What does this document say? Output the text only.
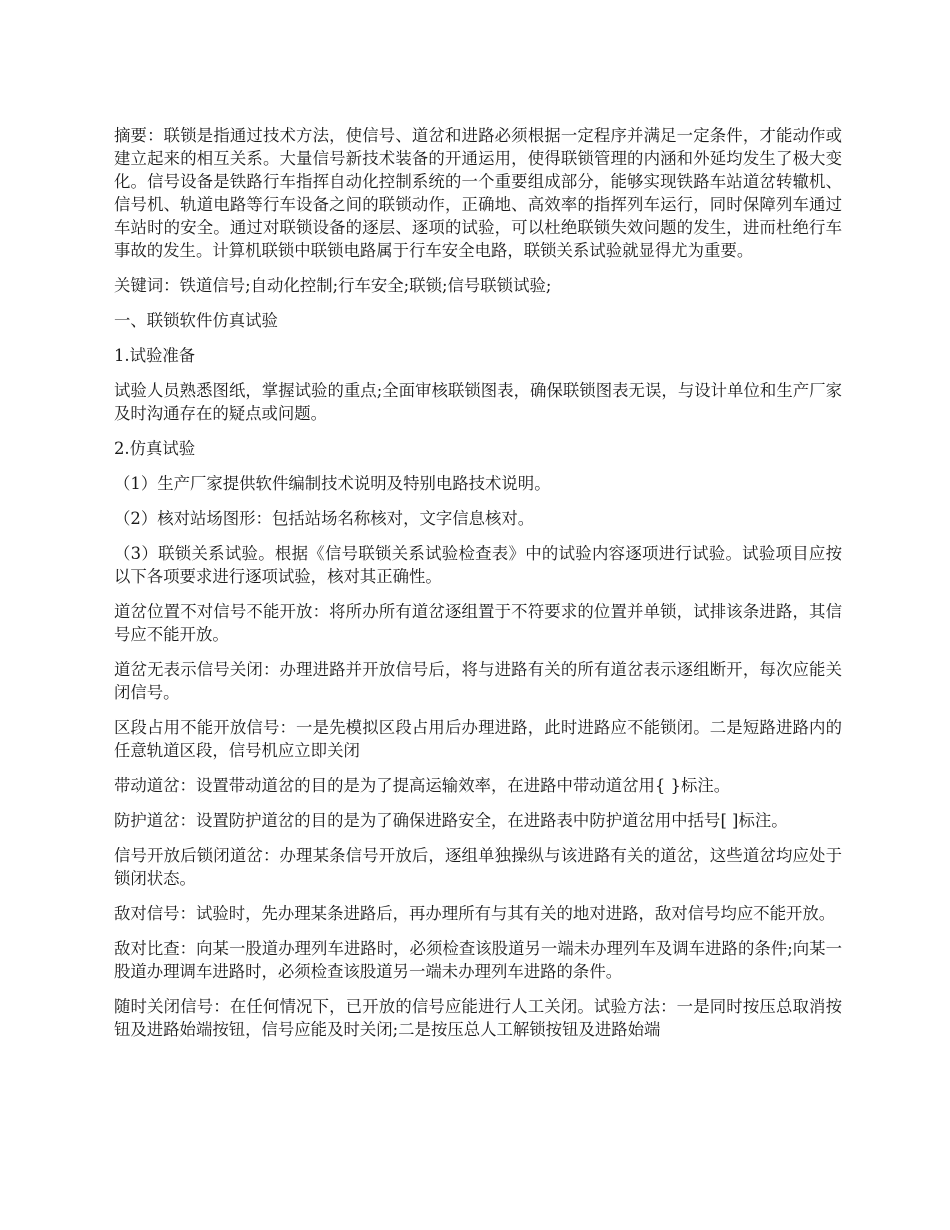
摘要：联锁是指通过技术方法，使信号、道岔和进路必须根据一定程序并满足一定条件，才能动作或建立起来的相互关系。大量信号新技术装备的开通运用，使得联锁管理的内涵和外延均发生了极大变化。信号设备是铁路行车指挥自动化控制系统的一个重要组成部分，能够实现铁路车站道岔转辙机、信号机、轨道电路等行车设备之间的联锁动作，正确地、高效率的指挥列车运行，同时保障列车通过车站时的安全。通过对联锁设备的逐层、逐项的试验，可以杜绝联锁失效问题的发生，进而杜绝行车事故的发生。计算机联锁中联锁电路属于行车安全电路，联锁关系试验就显得尤为重要。

关键词：铁道信号;自动化控制;行车安全;联锁;信号联锁试验;

一、联锁软件仿真试验

1.试验准备

试验人员熟悉图纸，掌握试验的重点;全面审核联锁图表，确保联锁图表无误，与设计单位和生产厂家及时沟通存在的疑点或问题。

2.仿真试验

（1）生产厂家提供软件编制技术说明及特别电路技术说明。

（2）核对站场图形：包括站场名称核对，文字信息核对。

（3）联锁关系试验。根据《信号联锁关系试验检查表》中的试验内容逐项进行试验。试验项目应按以下各项要求进行逐项试验，核对其正确性。

道岔位置不对信号不能开放：将所办所有道岔逐组置于不符要求的位置并单锁，试排该条进路，其信号应不能开放。

道岔无表示信号关闭：办理进路并开放信号后，将与进路有关的所有道岔表示逐组断开，每次应能关闭信号。

区段占用不能开放信号：一是先模拟区段占用后办理进路，此时进路应不能锁闭。二是短路进路内的任意轨道区段，信号机应立即关闭

带动道岔：设置带动道岔的目的是为了提高运输效率，在进路中带动道岔用{ }标注。

防护道岔：设置防护道岔的目的是为了确保进路安全，在进路表中防护道岔用中括号[ ]标注。

信号开放后锁闭道岔：办理某条信号开放后，逐组单独操纵与该进路有关的道岔，这些道岔均应处于锁闭状态。

敌对信号：试验时，先办理某条进路后，再办理所有与其有关的地对进路，敌对信号均应不能开放。

敌对比查：向某一股道办理列车进路时，必须检查该股道另一端未办理列车及调车进路的条件;向某一股道办理调车进路时，必须检查该股道另一端未办理列车进路的条件。

随时关闭信号：在任何情况下，已开放的信号应能进行人工关闭。试验方法：一是同时按压总取消按钮及进路始端按钮，信号应能及时关闭;二是按压总人工解锁按钮及进路始端
